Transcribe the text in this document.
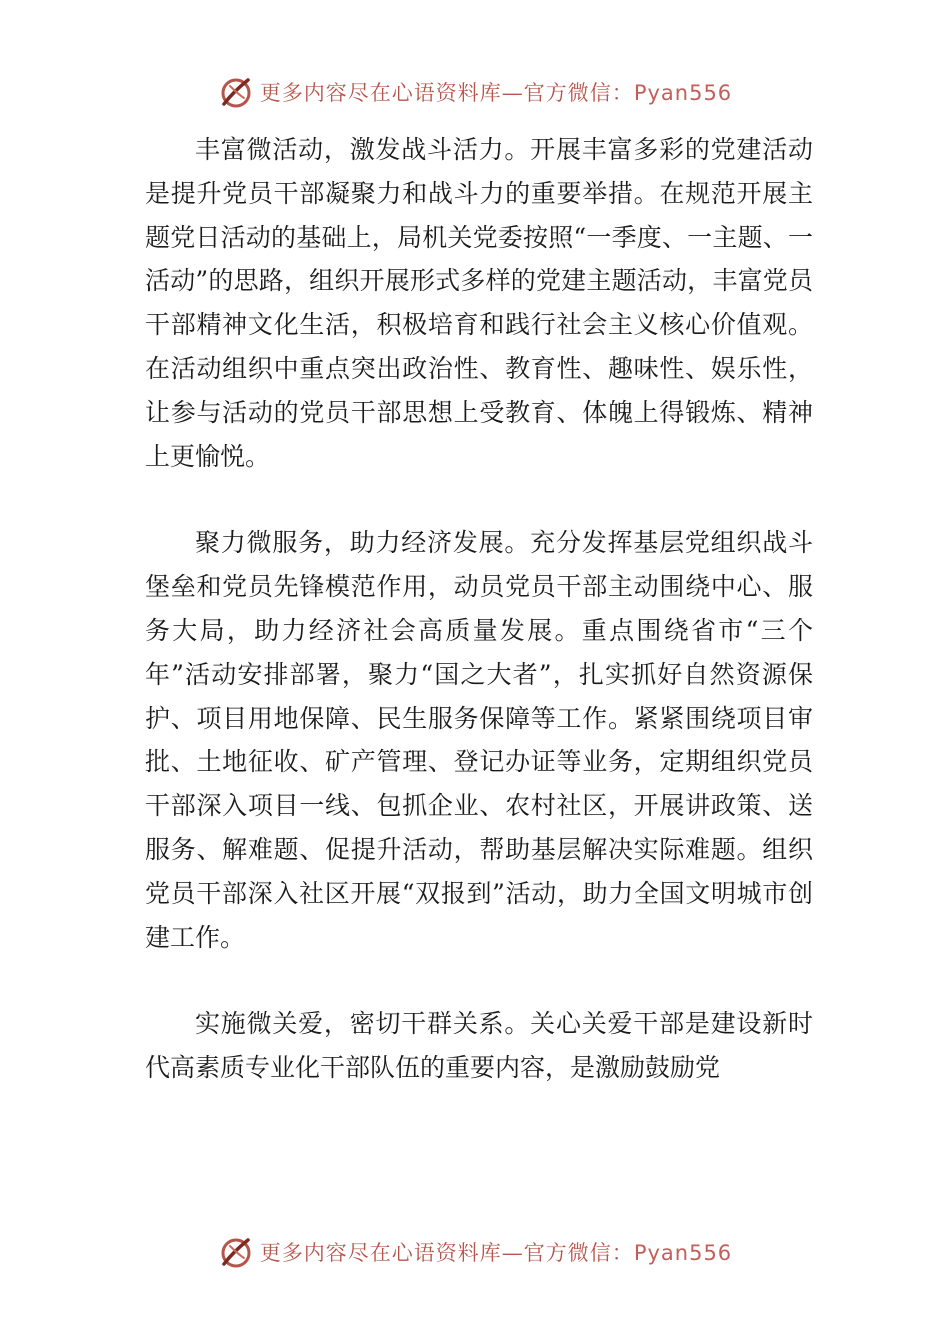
更多内容尽在心语资料库—官方微信：Pyan556

丰富微活动，激发战斗活力。开展丰富多彩的党建活动是提升党员干部凝聚力和战斗力的重要举措。在规范开展主题党日活动的基础上，局机关党委按照“一季度、一主题、一活动”的思路，组织开展形式多样的党建主题活动，丰富党员干部精神文化生活，积极培育和践行社会主义核心价值观。在活动组织中重点突出政治性、教育性、趣味性、娱乐性，让参与活动的党员干部思想上受教育、体魄上得锻炼、精神上更愉悦。

聚力微服务，助力经济发展。充分发挥基层党组织战斗堡垒和党员先锋模范作用，动员党员干部主动围绕中心、服务大局，助力经济社会高质量发展。重点围绕省市“三个年”活动安排部署，聚力“国之大者”，扎实抓好自然资源保护、项目用地保障、民生服务保障等工作。紧紧围绕项目审批、土地征收、矿产管理、登记办证等业务，定期组织党员干部深入项目一线、包抓企业、农村社区，开展讲政策、送服务、解难题、促提升活动，帮助基层解决实际难题。组织党员干部深入社区开展“双报到”活动，助力全国文明城市创建工作。

实施微关爱，密切干群关系。关心关爱干部是建设新时代高素质专业化干部队伍的重要内容，是激励鼓励党

更多内容尽在心语资料库—官方微信：Pyan556
